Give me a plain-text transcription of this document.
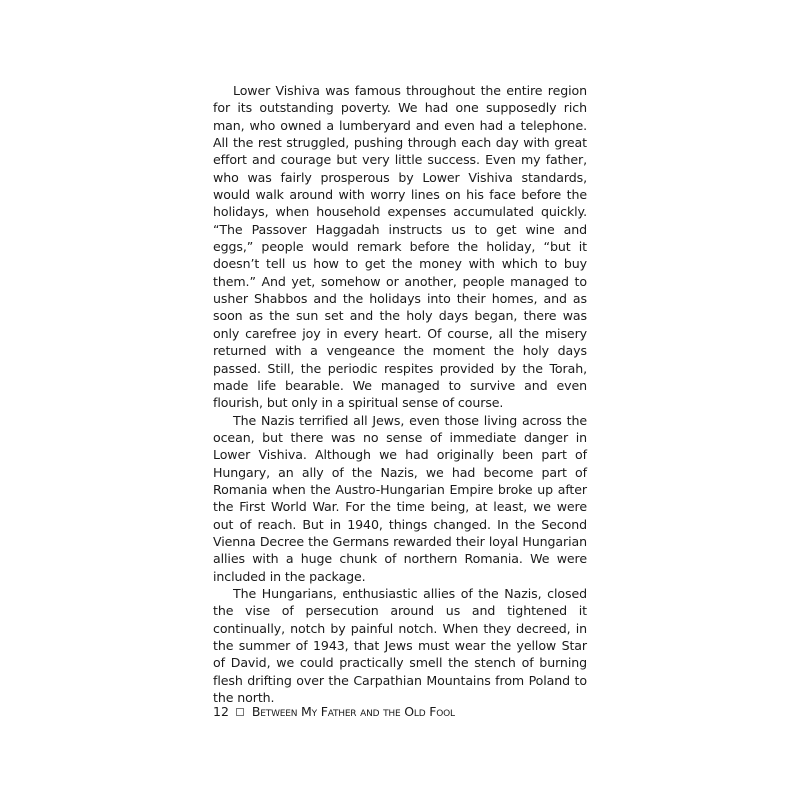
Lower Vishiva was famous throughout the entire region for its outstanding poverty. We had one supposedly rich man, who owned a lumberyard and even had a telephone. All the rest struggled, pushing through each day with great effort and courage but very little success. Even my father, who was fairly prosperous by Lower Vishiva standards, would walk around with worry lines on his face before the holidays, when household expenses accumulated quickly. “The Passover Haggadah instructs us to get wine and eggs,” people would remark before the holiday, “but it doesn’t tell us how to get the money with which to buy them.” And yet, somehow or another, people managed to usher Shabbos and the holidays into their homes, and as soon as the sun set and the holy days began, there was only carefree joy in every heart. Of course, all the misery returned with a vengeance the moment the holy days passed. Still, the periodic respites provided by the Torah, made life bearable. We managed to survive and even flourish, but only in a spiritual sense of course.

The Nazis terrified all Jews, even those living across the ocean, but there was no sense of immediate danger in Lower Vishiva. Although we had originally been part of Hungary, an ally of the Nazis, we had become part of Romania when the Austro-Hungarian Empire broke up after the First World War. For the time being, at least, we were out of reach. But in 1940, things changed. In the Second Vienna Decree the Germans rewarded their loyal Hungarian allies with a huge chunk of northern Romania. We were included in the package.

The Hungarians, enthusiastic allies of the Nazis, closed the vise of persecution around us and tightened it continually, notch by painful notch. When they decreed, in the summer of 1943, that Jews must wear the yellow Star of David, we could practically smell the stench of burning flesh drifting over the Carpathian Mountains from Poland to the north.

12 Between My Father and the Old Fool
